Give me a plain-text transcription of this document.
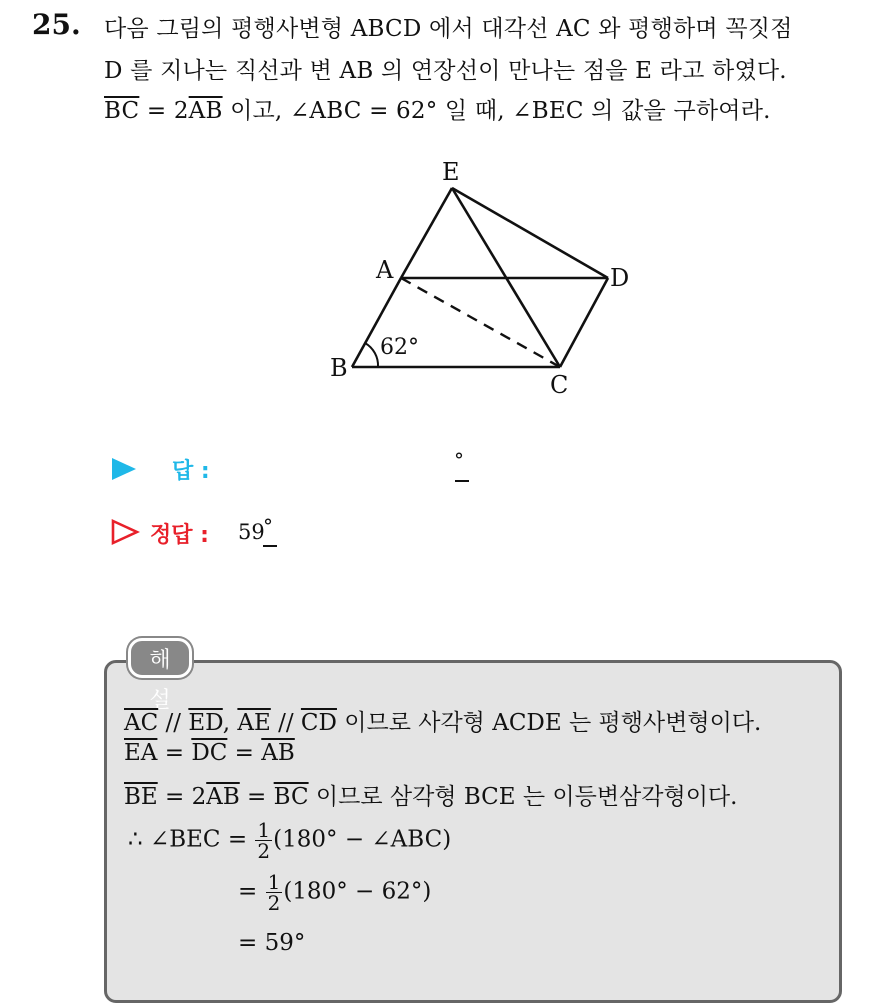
25. 다음 그림의 평행사변형 ABCD 에서 대각선 AC 와 평행하며 꼭짓점
D 를 지나는 직선과 변 AB 의 연장선이 만나는 점을 E 라고 하였다.
$\overline{BC} = 2\overline{AB}$ 이고, ∠ABC = 62° 일 때, ∠BEC 의 값을 구하여라.
E
A	D
B
C
62°
답 :	°
정답 : 59
°
해설
$\overline{AC} // \overline{ED}$, $\overline{AE} // \overline{CD}$ 이므로 사각형 ACDE 는 평행사변형이다.
$\overline{EA} = \overline{DC} = \overline{AB}$
$\overline{BE} = 2\overline{AB} = \overline{BC}$ 이므로 삼각형 BCE 는 이등변삼각형이다.
∴ ∠BEC = $\frac{1}{2} (180^\circ$ − ∠ABC)
= $\frac{1}{2} (180^\circ - 62^\circ)$
= 59°
